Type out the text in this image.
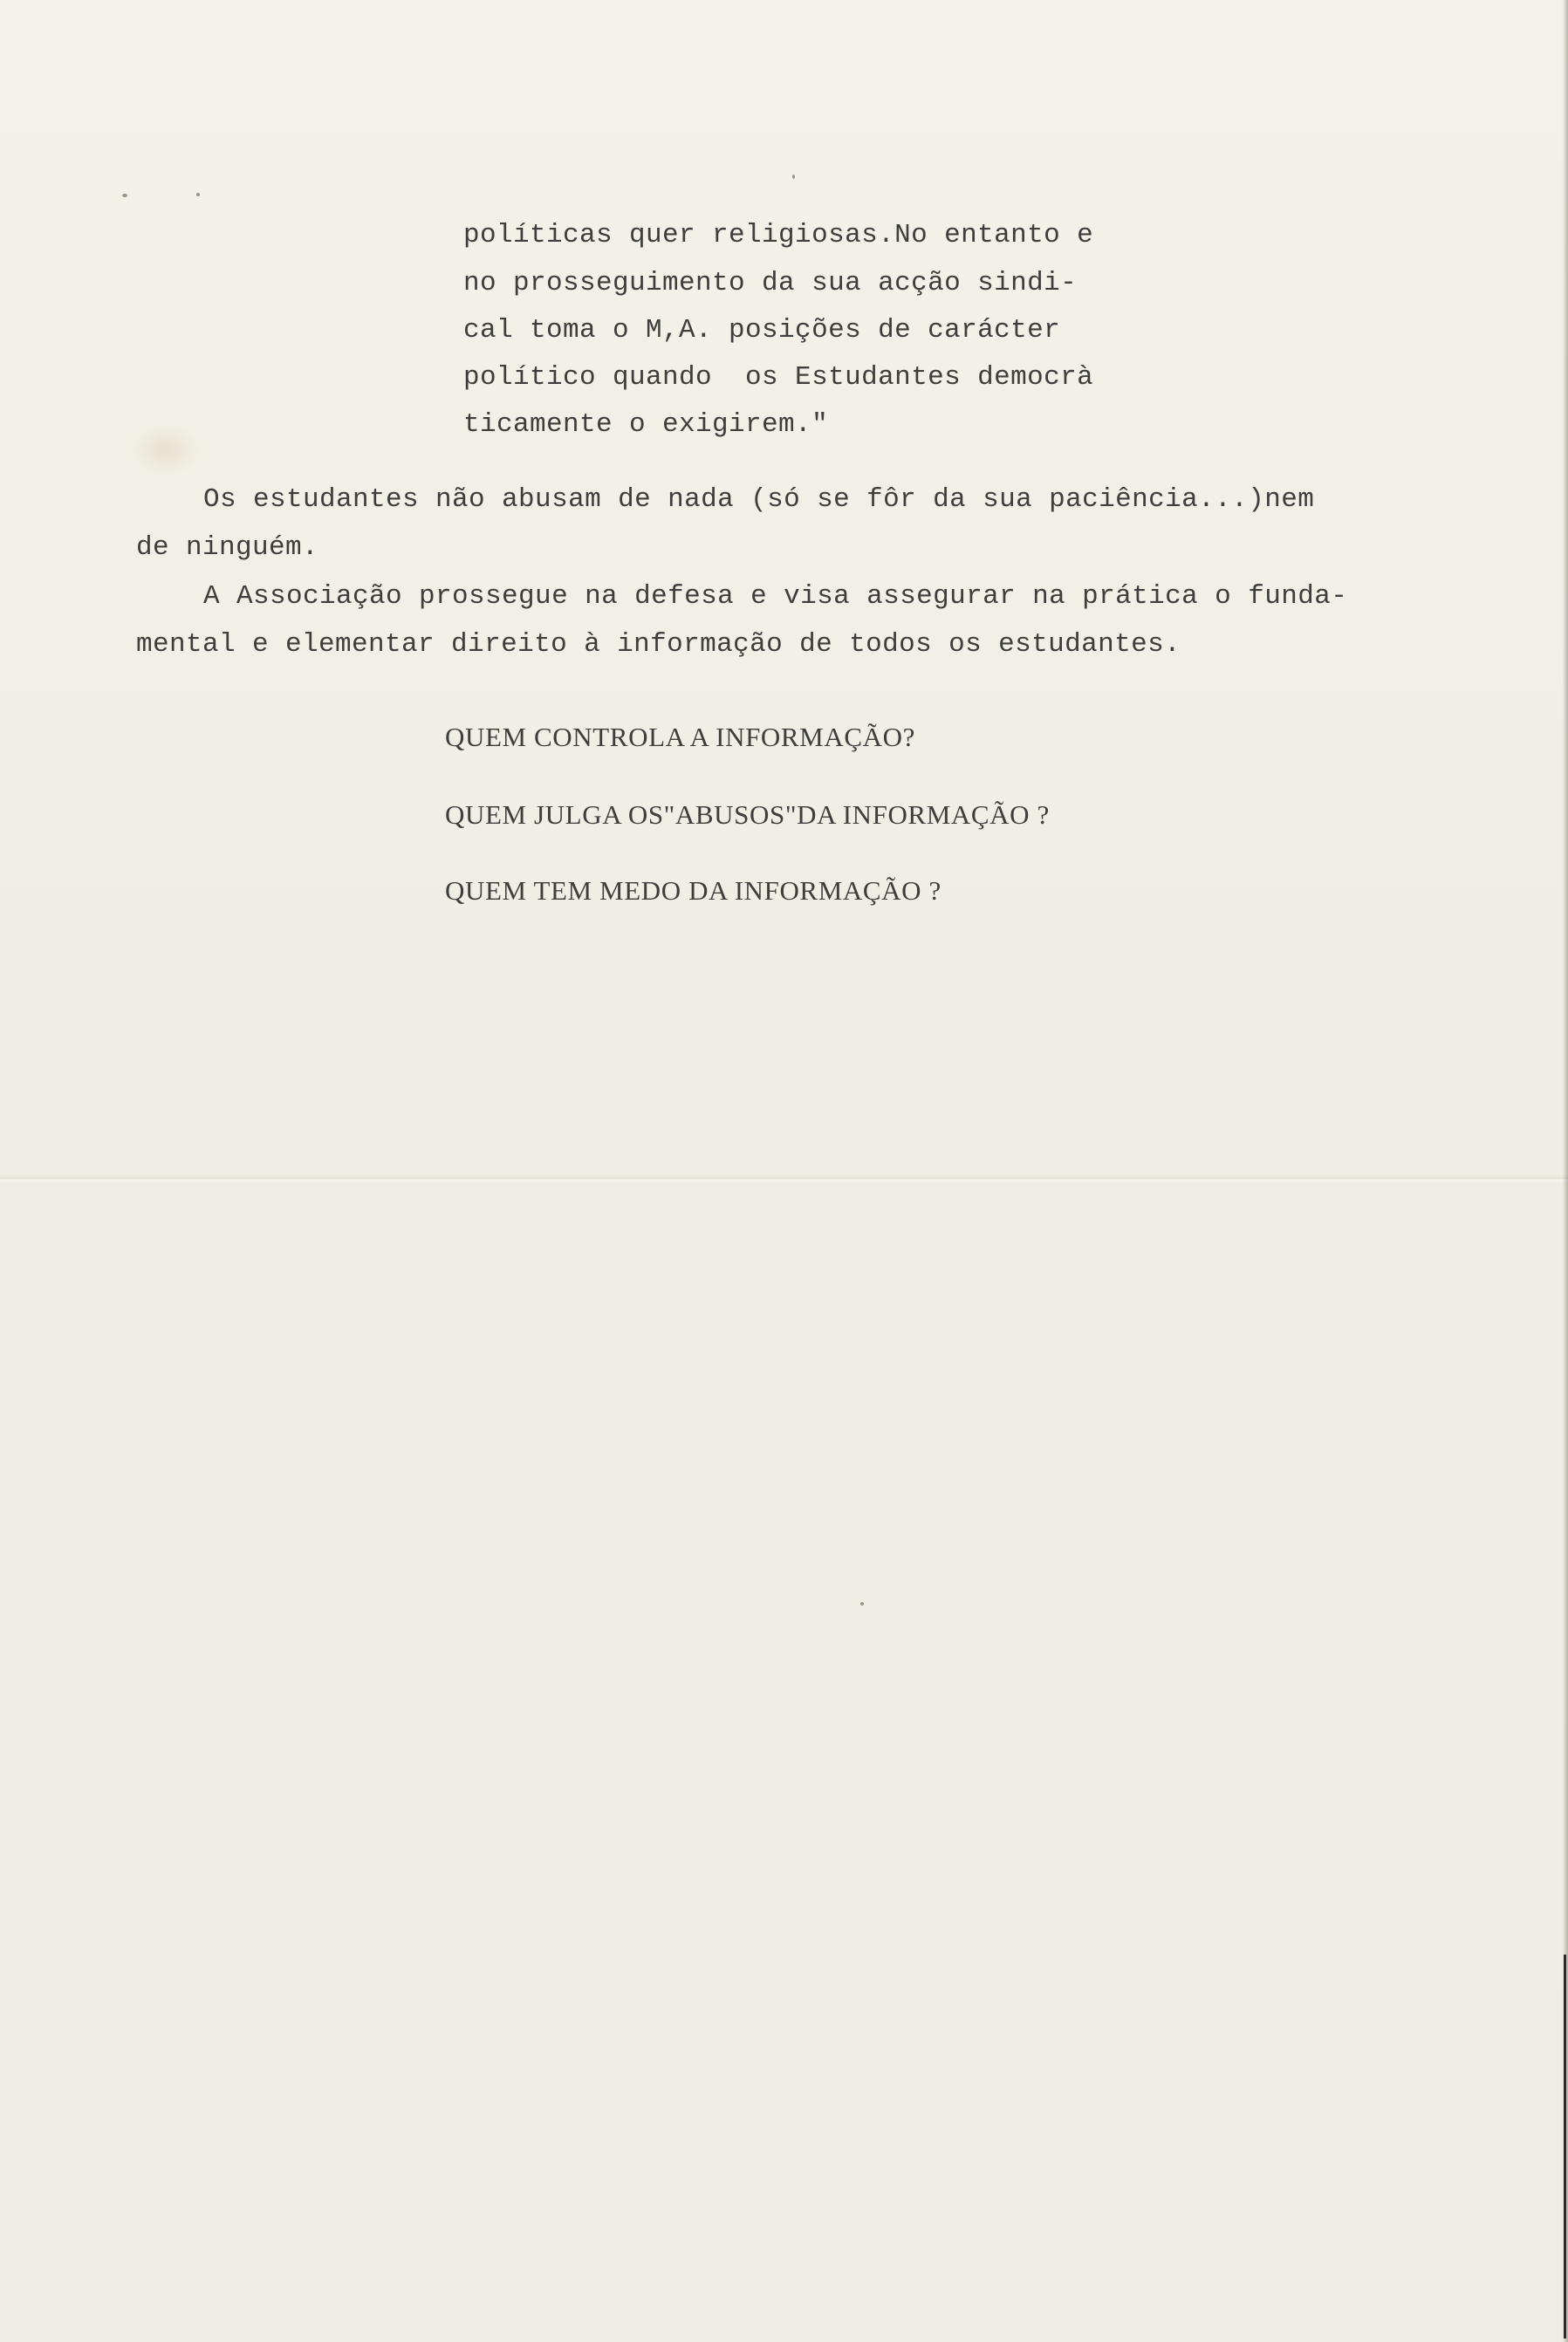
políticas quer religiosas.No entanto e
no prosseguimento da sua acção sindi-
cal toma o M,A. posições de carácter
político quando  os Estudantes democrà
ticamente o exigirem."
Os estudantes não abusam de nada (só se fôr da sua paciência...)nem
de ninguém.
A Associação prossegue na defesa e visa assegurar na prática o funda-
mental e elementar direito à informação de todos os estudantes.
QUEM CONTROLA A INFORMAÇÃO?
QUEM JULGA OS"ABUSOS"DA INFORMAÇÃO ?
QUEM TEM MEDO DA INFORMAÇÃO ?
